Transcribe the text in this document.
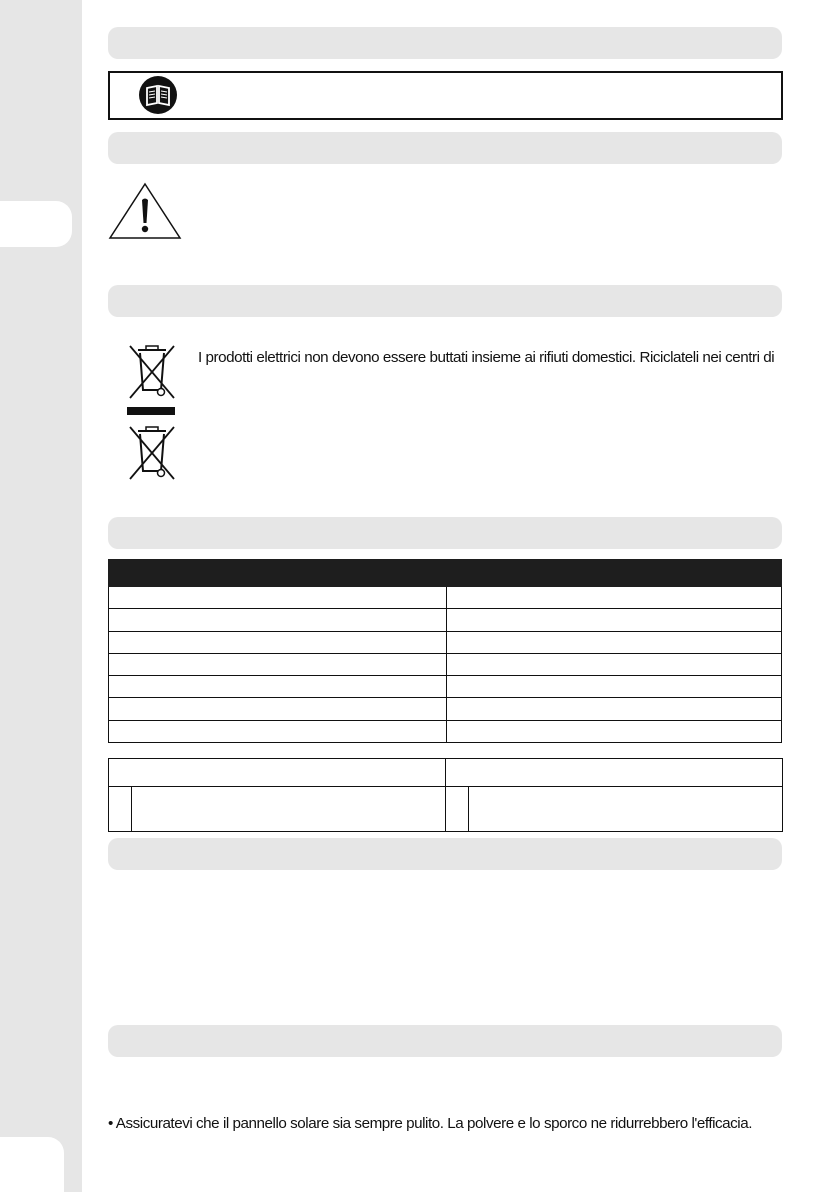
I prodotti elettrici non devono essere buttati insieme ai rifiuti domestici. Riciclateli nei centri di

• Assicuratevi che il pannello solare sia sempre pulito. La polvere e lo sporco ne ridurrebbero l'efficacia.
